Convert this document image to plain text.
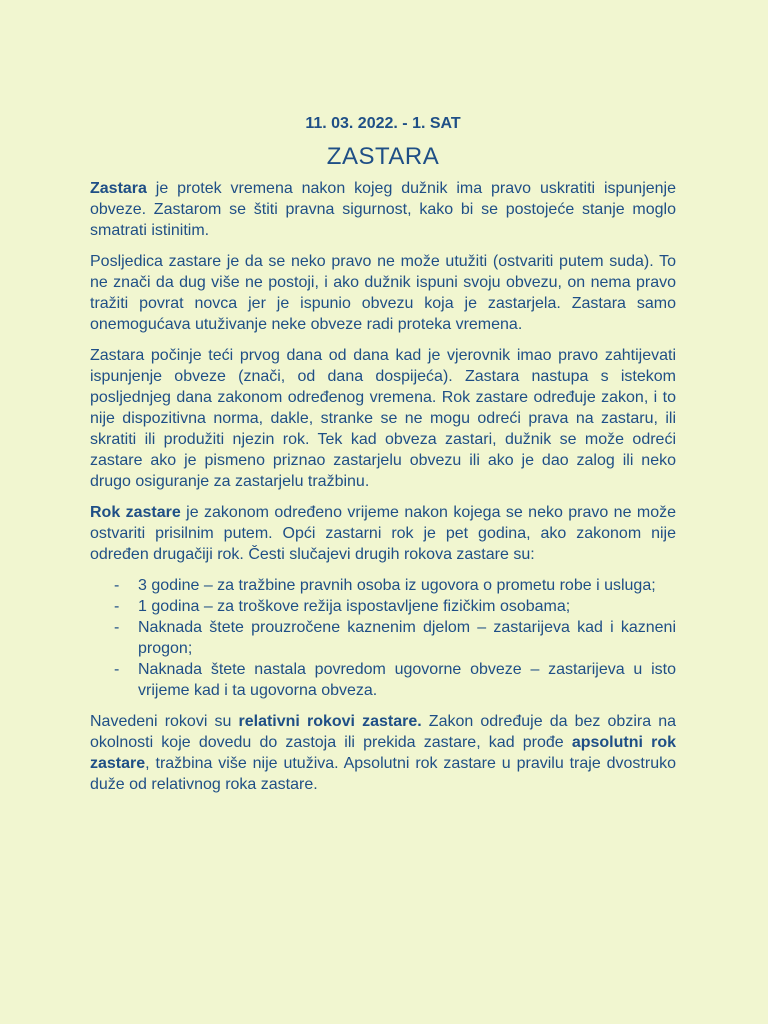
11. 03. 2022. - 1. SAT

ZASTARA

Zastara je protek vremena nakon kojeg dužnik ima pravo uskratiti ispunjenje obveze. Zastarom se štiti pravna sigurnost, kako bi se postojeće stanje moglo smatrati istinitim.

Posljedica zastare je da se neko pravo ne može utužiti (ostvariti putem suda). To ne znači da dug više ne postoji, i ako dužnik ispuni svoju obvezu, on nema pravo tražiti povrat novca jer je ispunio obvezu koja je zastarjela. Zastara samo onemogućava utuživanje neke obveze radi proteka vremena.

Zastara počinje teći prvog dana od dana kad je vjerovnik imao pravo zahtijevati ispunjenje obveze (znači, od dana dospijeća). Zastara nastupa s istekom posljednjeg dana zakonom određenog vremena. Rok zastare određuje zakon, i to nije dispozitivna norma, dakle, stranke se ne mogu odreći prava na zastaru, ili skratiti ili produžiti njezin rok. Tek kad obveza zastari, dužnik se može odreći zastare ako je pismeno priznao zastarjelu obvezu ili ako je dao zalog ili neko drugo osiguranje za zastarjelu tražbinu.

Rok zastare je zakonom određeno vrijeme nakon kojega se neko pravo ne može ostvariti prisilnim putem. Opći zastarni rok je pet godina, ako zakonom nije određen drugačiji rok. Česti slučajevi drugih rokova zastare su:

- 3 godine – za tražbine pravnih osoba iz ugovora o prometu robe i usluga;
- 1 godina – za troškove režija ispostavljene fizičkim osobama;
- Naknada štete prouzročene kaznenim djelom – zastarijeva kad i kazneni progon;
- Naknada štete nastala povredom ugovorne obveze – zastarijeva u isto vrijeme kad i ta ugovorna obveza.

Navedeni rokovi su relativni rokovi zastare. Zakon određuje da bez obzira na okolnosti koje dovedu do zastoja ili prekida zastare, kad prođe apsolutni rok zastare, tražbina više nije utuživa. Apsolutni rok zastare u pravilu traje dvostruko duže od relativnog roka zastare.
